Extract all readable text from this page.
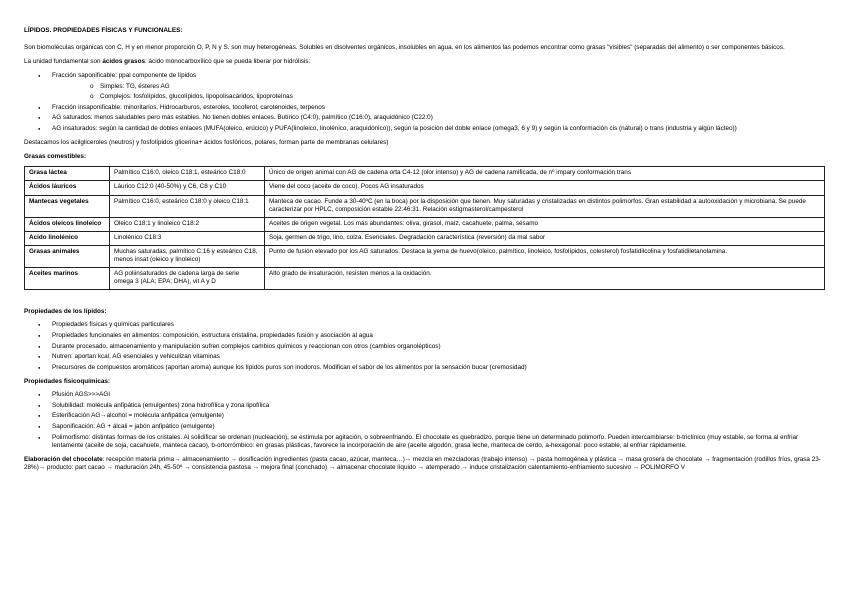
LÍPIDOS. PROPIEDADES FÍSICAS Y FUNCIONALES:

Son biomoléculas orgánicas con C, H y en menor proporción O, P, N y S. son muy heterogéneas. Solubles en disolventes orgánicos, insolubles en agua. en los alimentos las podemos encontrar como grasas "visibles" (separadas del alimento) o ser componentes básicos.

La unidad fundamental son ácidos grasos: ácido monocarboxílico que se pueda liberar por hidrólisis:

● Fracción saponificable: ppal componente de lípidos
o Simples: TG, ésteres AG
o Complejos: fosfolípidos, glucolípidos, lipopolisacáridos, lipoproteínas
● Fracción insaponificable: minoritarios. Hidrocarburos, esteroles, tocoferol, carotenoides, terpenos
● AG saturados: menos saludables pero más estables. No tienen dobles enlaces. Butírico (C4:0), palmítico (C16:0), araquidónico (C22:0)
● AG insaturados: según la cantidad de dobles enlaces (MUFA(oleico, erúcico) y PUFA(linoleico, linolénico, araquidónico)), según la posición del doble enlace (omega3, 6 y 9) y según la conformación cis (natural) o trans (industria y algún lácteo))

Destacamos los acilgliceroles (neutros) y fosfolípidos glicerina+ ácidos fosfóricos, polares, forman parte de membranas celulares)

Grasas comestibles:

Grasa láctea	Palmítico C16:0, oleico C18:1, esteárico C18:0	Único de origen animal con AG de cadena orta C4-12 (olor intenso) y AG de cadena ramificada, de nº impary conformación trans
Ácidos láuricos	Láurico C12:0 (40-50%) y C6, C8 y C10	Viene del coco (aceite de coco). Pocos AG insaturados
Mantecas vegetales	Palmítico C16:0, esteárico C18:0 y oleico C18:1	Manteca de cacao. Funde a 30-40ºC (en la boca) por la disposición que tienen. Muy saturadas y cristalizadas en distintos polimorfos. Gran estabilidad a autooxidación y microbiana. Se puede caracterizar por HPLC, composición estable 22:46:31. Relación estigmasterol/campesterol
Ácidos oleicos linoleico	Oleico C18:1 y linoleico C18:2	Aceites de origen vegetal. Los más abundantes: oliva, girasol, maíz, cacahuete, palma, sésamo
Acido linolénico	Linolénico C18:3	Soja, germen de trigo, lino, colza. Esenciales. Degradación característica (reversión) da mal sabor
Grasas animales	Muchas saturadas, palmítico C:16 y esteárico C18, menos insat (oleico y linoleico)	Punto de fusión elevado por los AG saturados. Destaca la yema de huevo(oleico, palmítico, linoleico, fosfolípidos, colesterol) fosfatidilcolina y fosfatidiletanolamina.
Aceites marinos	AG poliinsaturados de cadena larga de serie omega 3 (ALA; EPA; DHA), vit A y D	Alto grado de insaturación, resisten menos a la oxidación.

Propiedades de los lípidos:

● Propiedades físicas y químicas particulares
● Propiedades funcionales en alimentos: composición, estructura cristalina, propiedades fusión y asociación al agua
● Durante procesado, almacenamiento y manipulación sufren complejos cambios químicos y reaccionan con otros (cambios organolépticos)
● Nutren: aportan kcal, AG esenciales y vehiculizan vitaminas
● Precursores de compuestos aromáticos (aportan aroma) aunque los lípidos puros son inodoros. Modifican el sabor de los alimentos por la sensación bucar (cremosidad)

Propiedades fisicoquímicas:

● Pfusión AGS>>>AGI
● Solubilidad: molécula anfipática (emulgentes) zona hidrofílica y zona lipofílica
● Esterificación AG→alcohol = molécula anfipática (emulgente)
● Saponificación: AG + álcali = jabón anfipático (emulgente)
● Polimorfismo: distintas formas de los cristales. Al solidificar se ordenan (nucleación), se estimula por agitación, o sobreenfriando. El chocolate es quebradizo, porque tiene un determinado polimorfo. Pueden intercambiarse: b-triclínico (muy estable, se forma al enfriar lentamente (aceite de soja, cacahuete, manteca cacao), b-ortorrómbico: en grasas plásticas, favorece la incorporación de aire (aceite algodón, grasa leche, manteca de cerdo, a-hexagonal: poco estable, al enfriar rápidamente.

Elaboración del chocolate: recepción materia prima→ almacenamiento → dosificación ingredientes (pasta cacao, azúcar, manteca…)→ mezcla en mezcladoras (trabajo intenso) → pasta homogénea y plástica → masa grosera de chocolate → fragmentación (rodillos fríos, grasa 23-28%)→ producto: part cacao → maduración 24h, 45-50º → consistencia pastosa → mejora final (conchado) → almacenar chocolate líquido → atemperado → induce cristalización calentamiento-enfriamiento sucesivo → POLIMORFO V
